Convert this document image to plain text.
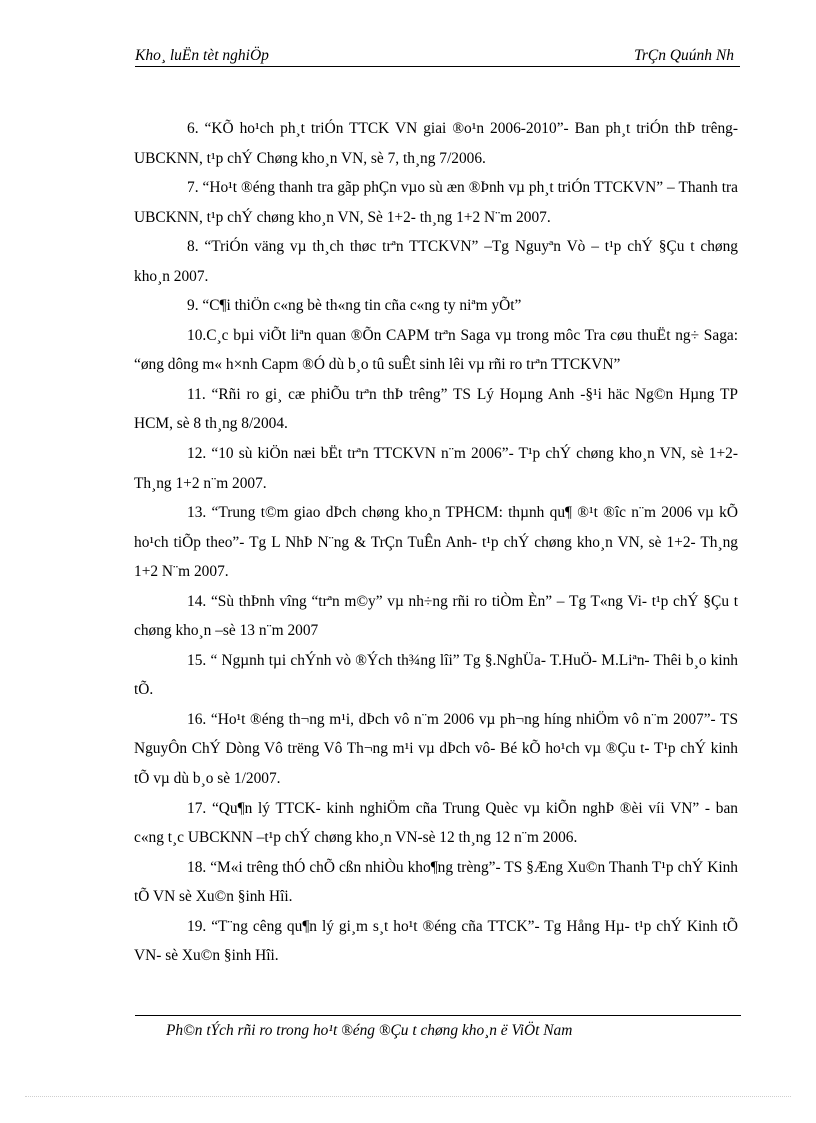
Kho¸ luËn tèt nghiÖp	TrÇn Quúnh Nh

6. “KÕ ho¹ch ph¸t triÓn TTCK VN giai ®o¹n 2006-2010”- Ban ph¸t triÓn thÞ trêng- UBCKNN, t¹p chÝ Chøng kho¸n VN, sè 7, th¸ng 7/2006.

7. “Ho¹t ®éng thanh tra gãp phÇn vµo sù æn ®Þnh vµ ph¸t triÓn TTCKVN” – Thanh tra UBCKNN, t¹p chÝ chøng kho¸n VN, Sè 1+2- th¸ng 1+2 N¨m 2007.

8. “TriÓn väng vµ th¸ch thøc trªn TTCKVN” –Tg Nguyªn Vò – t¹p chÝ §Çu t chøng kho¸n 2007.

9. “C¶i thiÖn c«ng bè th«ng tin cña c«ng ty niªm yÕt”

10.C¸c bµi viÕt liªn quan ®Õn CAPM trªn Saga vµ trong môc Tra cøu thuËt ng÷ Saga: “øng dông m« h×nh Capm ®Ó dù b¸o tû suÊt sinh lêi vµ rñi ro trªn TTCKVN”

11. “Rñi ro gi¸ cæ phiÕu trªn thÞ trêng” TS Lý Hoµng Anh -§¹i häc Ng©n Hµng TP HCM, sè 8 th¸ng 8/2004.

12. “10 sù kiÖn næi bËt trªn TTCKVN n¨m 2006”- T¹p chÝ chøng kho¸n VN, sè 1+2- Th¸ng 1+2 n¨m 2007.

13. “Trung t©m giao dÞch chøng kho¸n TPHCM: thµnh qu¶ ®¹t ®îc n¨m 2006 vµ kÕ ho¹ch tiÕp theo”- Tg L NhÞ N¨ng & TrÇn TuÊn Anh- t¹p chÝ chøng kho¸n VN, sè 1+2- Th¸ng 1+2 N¨m 2007.

14. “Sù thÞnh vîng “trªn m©y” vµ nh÷ng rñi ro tiÒm Èn” – Tg T«ng Vi- t¹p chÝ §Çu t chøng kho¸n –sè 13 n¨m 2007

15. “ Ngµnh tµi chÝnh vò ®Ých th¾ng lîi” Tg §.NghÜa- T.HuÖ- M.Liªn- Thêi b¸o kinh tÕ.

16. “Ho¹t ®éng th¬ng m¹i, dÞch vô n¨m 2006 vµ ph¬ng híng nhiÖm vô n¨m 2007”- TS NguyÔn ChÝ Dòng Vô trëng Vô Th¬ng m¹i vµ dÞch vô- Bé kÕ ho¹ch vµ ®Çu t- T¹p chÝ kinh tÕ vµ dù b¸o sè 1/2007.

17. “Qu¶n lý TTCK- kinh nghiÖm cña Trung Quèc vµ kiÕn nghÞ ®èi víi VN” - ban c«ng t¸c UBCKNN –t¹p chÝ chøng kho¸n VN-sè 12 th¸ng 12 n¨m 2006.

18. “M«i trêng thÓ chÕ cßn nhiÒu kho¶ng trèng”- TS §Æng Xu©n Thanh T¹p chÝ Kinh tÕ VN sè Xu©n §inh Hîi.

19. “T¨ng cêng qu¶n lý gi¸m s¸t ho¹t ®éng cña TTCK”- Tg Hång Hµ- t¹p chÝ Kinh tÕ VN- sè Xu©n §inh Hîi.

Ph©n tÝch rñi ro trong ho¹t ®éng ®Çu t chøng kho¸n ë ViÖt Nam
